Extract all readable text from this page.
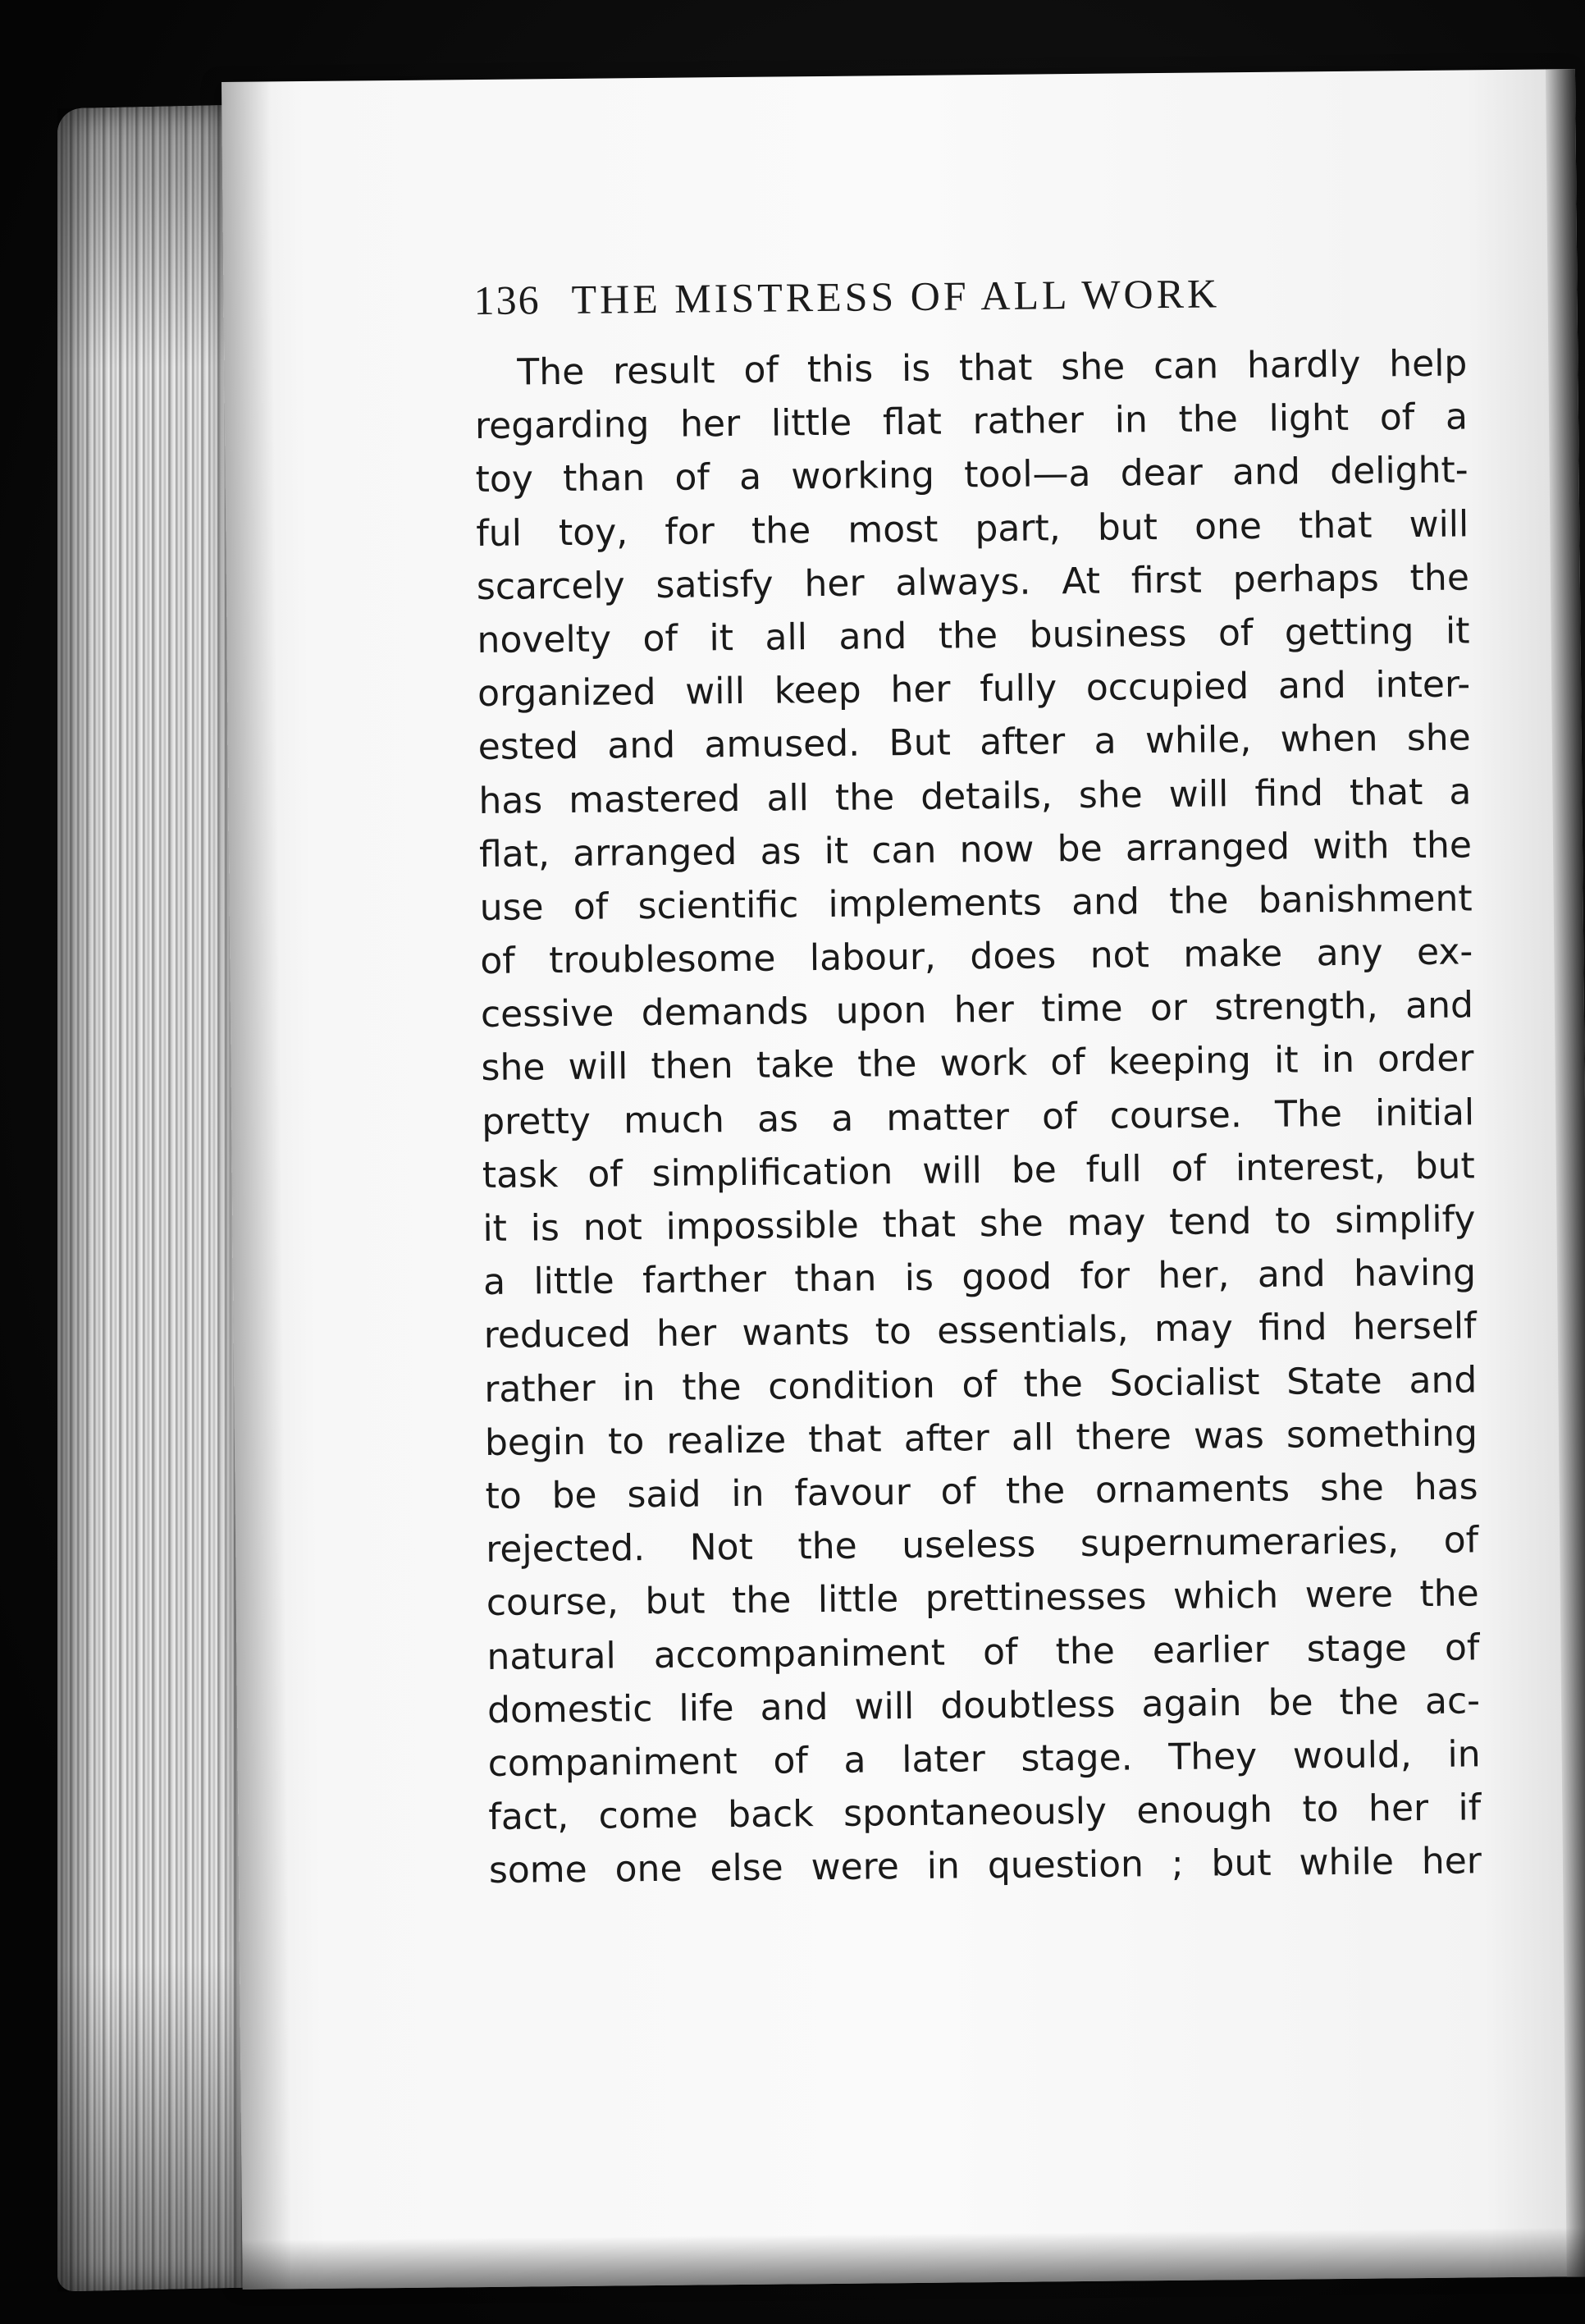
136 THE MISTRESS OF ALL WORK
The result of this is that she can hardly help
regarding her little flat rather in the light of a
toy than of a working tool—a dear and delight-
ful toy, for the most part, but one that will
scarcely satisfy her always. At first perhaps the
novelty of it all and the business of getting it
organized will keep her fully occupied and inter-
ested and amused. But after a while, when she
has mastered all the details, she will find that a
flat, arranged as it can now be arranged with the
use of scientific implements and the banishment
of troublesome labour, does not make any ex-
cessive demands upon her time or strength, and
she will then take the work of keeping it in order
pretty much as a matter of course. The initial
task of simplification will be full of interest, but
it is not impossible that she may tend to simplify
a little farther than is good for her, and having
reduced her wants to essentials, may find herself
rather in the condition of the Socialist State and
begin to realize that after all there was something
to be said in favour of the ornaments she has
rejected. Not the useless supernumeraries, of
course, but the little prettinesses which were the
natural accompaniment of the earlier stage of
domestic life and will doubtless again be the ac-
companiment of a later stage. They would, in
fact, come back spontaneously enough to her if
some one else were in question ; but while her
